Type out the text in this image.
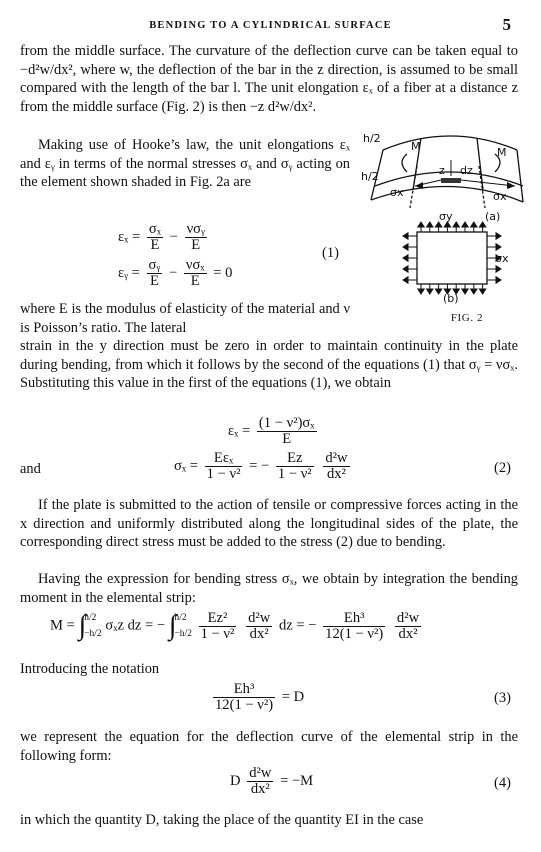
BENDING TO A CYLINDRICAL SURFACE	5

from the middle surface. The curvature of the deflection curve can be taken equal to −d²w/dx², where w, the deflection of the bar in the z direction, is assumed to be small compared with the length of the bar l. The unit elongation εₓ of a fiber at a distance z from the middle surface (Fig. 2) is then −z d²w/dx².

Making use of Hooke’s law, the unit elongations εₓ and εᵧ in terms of the normal stresses σₓ and σᵧ acting on the element shown shaded in Fig. 2a are

$\varepsilon_x = \frac{\text{σₓ}}{E} - \frac{\text{νσᵧ}}{E}$
εᵧ = $\frac{\text{σᵧ}}{E} - \frac{\text{νσₓ}}{E} = 0$
(1)
h/2
h/2
M	M
σx	σx
z dz
σy	(a)
σx
(b)
FIG. 2

where E is the modulus of elasticity of the material and ν is Poisson’s ratio. The lateral

strain in the y direction must be zero in order to maintain continuity in the plate during bending, from which it follows by the second of the equations (1) that σᵧ = νσₓ. Substituting this value in the first of the equations (1), we obtain

$\varepsilon_x = \frac{\text{(1 − ν²)σₓ}}{E}$
and	$\sigma_x = \frac{\text{Eεₓ}}{\text{1 − ν²}}$ = − $\frac{Ez}{\text{1 − ν²}}$
$\frac{\text{d²w}}{\text{dx²}}$	(2)

If the plate is submitted to the action of tensile or compressive forces acting in the x direction and uniformly distributed along the longitudinal sides of the plate, the corresponding direct stress must be added to the stress (2) due to bending.

Having the expression for bending stress σₓ, we obtain by integration the bending moment in the elemental strip:

M = ∫
h/2
−h/2
σₓz dz = − ∫
h/2
−h/2
$\frac{\text{Ez²}}{\text{1 − ν²}}$
$\frac{\text{d²w}}{\text{dx²}}$ dz = − $\frac{\text{Eh³}}{\text{12(1 − ν²)}}$
$\frac{\text{d²w}}{\text{dx²}}$

Introducing the notation

$\frac{\text{Eh³}}{\text{12(1 − ν²)}} = D$	(3)

we represent the equation for the deflection curve of the elemental strip in the following form:

D $\frac{\text{d²w}}{\text{dx²}} = -M$	(4)

in which the quantity D, taking the place of the quantity EI in the case
